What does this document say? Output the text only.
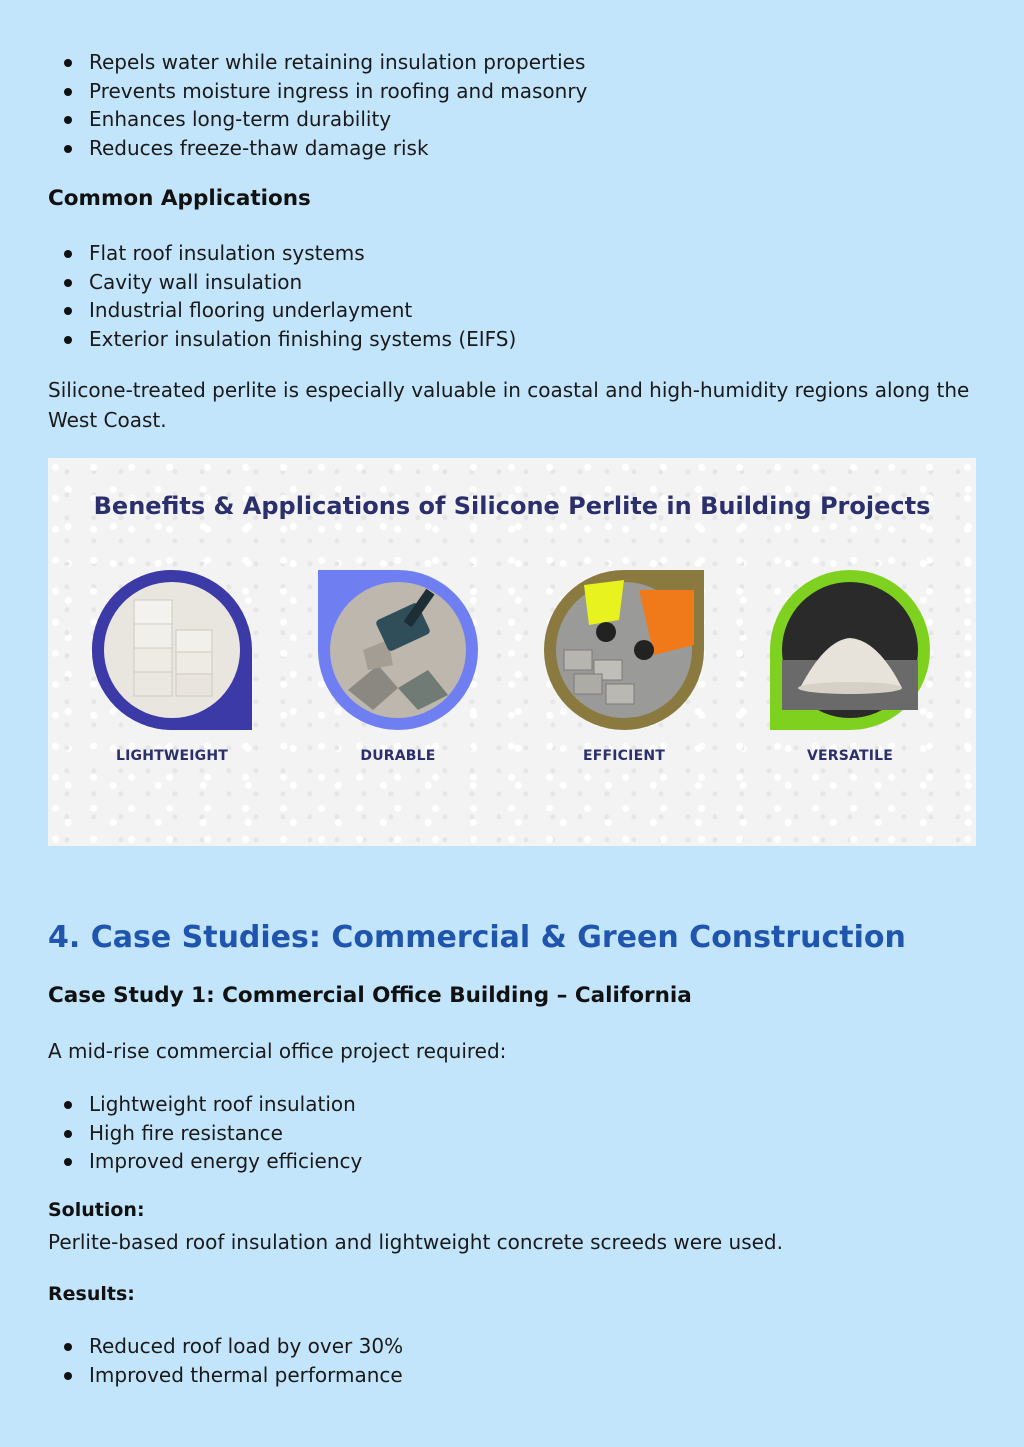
Repels water while retaining insulation properties
Prevents moisture ingress in roofing and masonry
Enhances long-term durability
Reduces freeze-thaw damage risk
Common Applications
Flat roof insulation systems
Cavity wall insulation
Industrial flooring underlayment
Exterior insulation finishing systems (EIFS)
Silicone-treated perlite is especially valuable in coastal and high-humidity regions along the West Coast.
Benefits & Applications of Silicone Perlite in Building Projects
LIGHTWEIGHT	DURABLE	EFFICIENT	VERSATILE
4. Case Studies: Commercial & Green Construction
Case Study 1: Commercial Office Building – California
A mid-rise commercial office project required:
Lightweight roof insulation
High fire resistance
Improved energy efficiency
Solution:
Perlite-based roof insulation and lightweight concrete screeds were used.
Results:
Reduced roof load by over 30%
Improved thermal performance
